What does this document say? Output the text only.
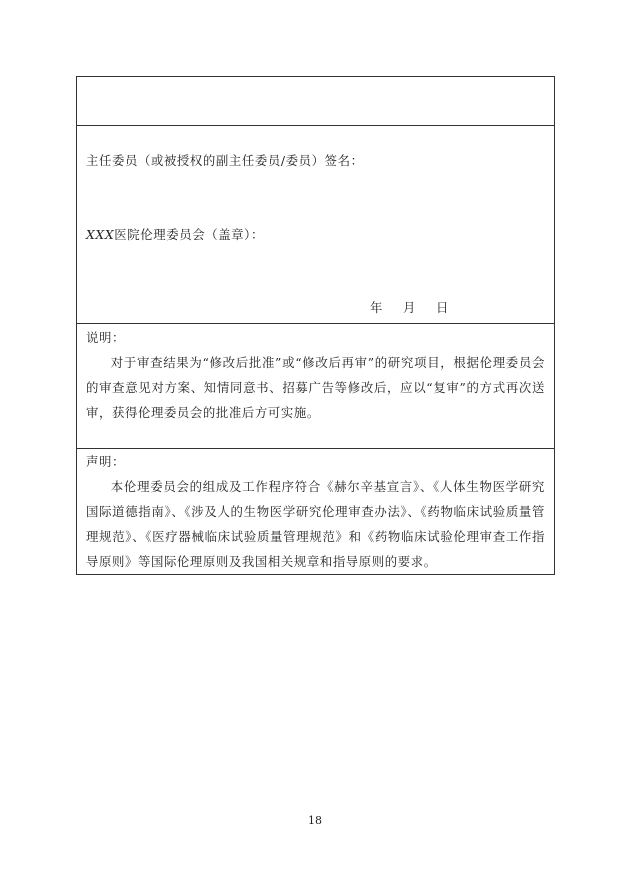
主任委员（或被授权的副主任委员/委员）签名：
XXX医院伦理委员会（盖章）：
年 月 日

说明：
对于审查结果为“修改后批准”或“修改后再审”的研究项目，根据伦理委员会的审查意见对方案、知情同意书、招募广告等修改后，应以“复审”的方式再次送审，获得伦理委员会的批准后方可实施。

声明：
本伦理委员会的组成及工作程序符合《赫尔辛基宣言》、《人体生物医学研究国际道德指南》、《涉及人的生物医学研究伦理审查办法》、《药物临床试验质量管理规范》、《医疗器械临床试验质量管理规范》和《药物临床试验伦理审查工作指导原则》等国际伦理原则及我国相关规章和指导原则的要求。
18
